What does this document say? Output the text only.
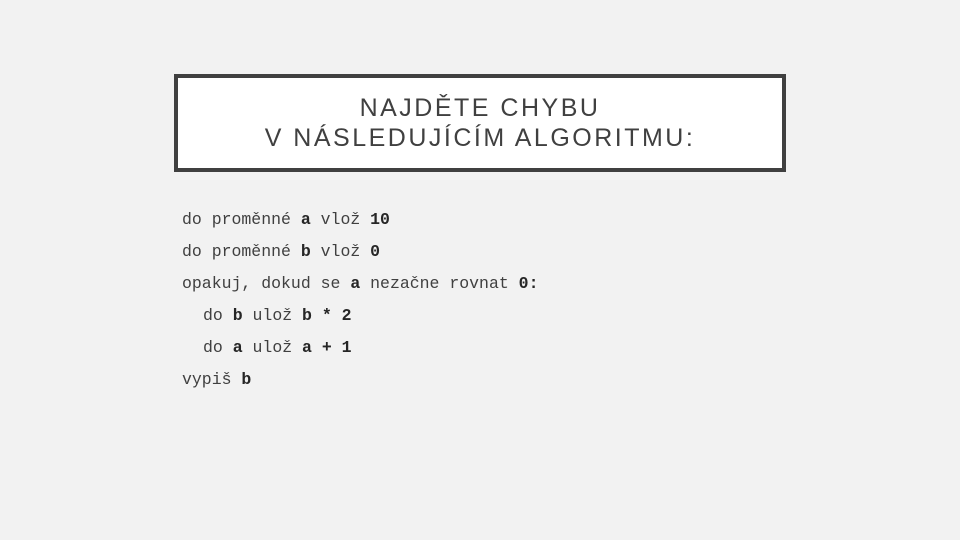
NAJDĚTE CHYBU
V NÁSLEDUJÍCÍM ALGORITMU:
do proměnné a vlož 10
do proměnné b vlož 0
opakuj, dokud se a nezačne rovnat 0:
do b ulož b * 2
do a ulož a + 1
vypiš b
